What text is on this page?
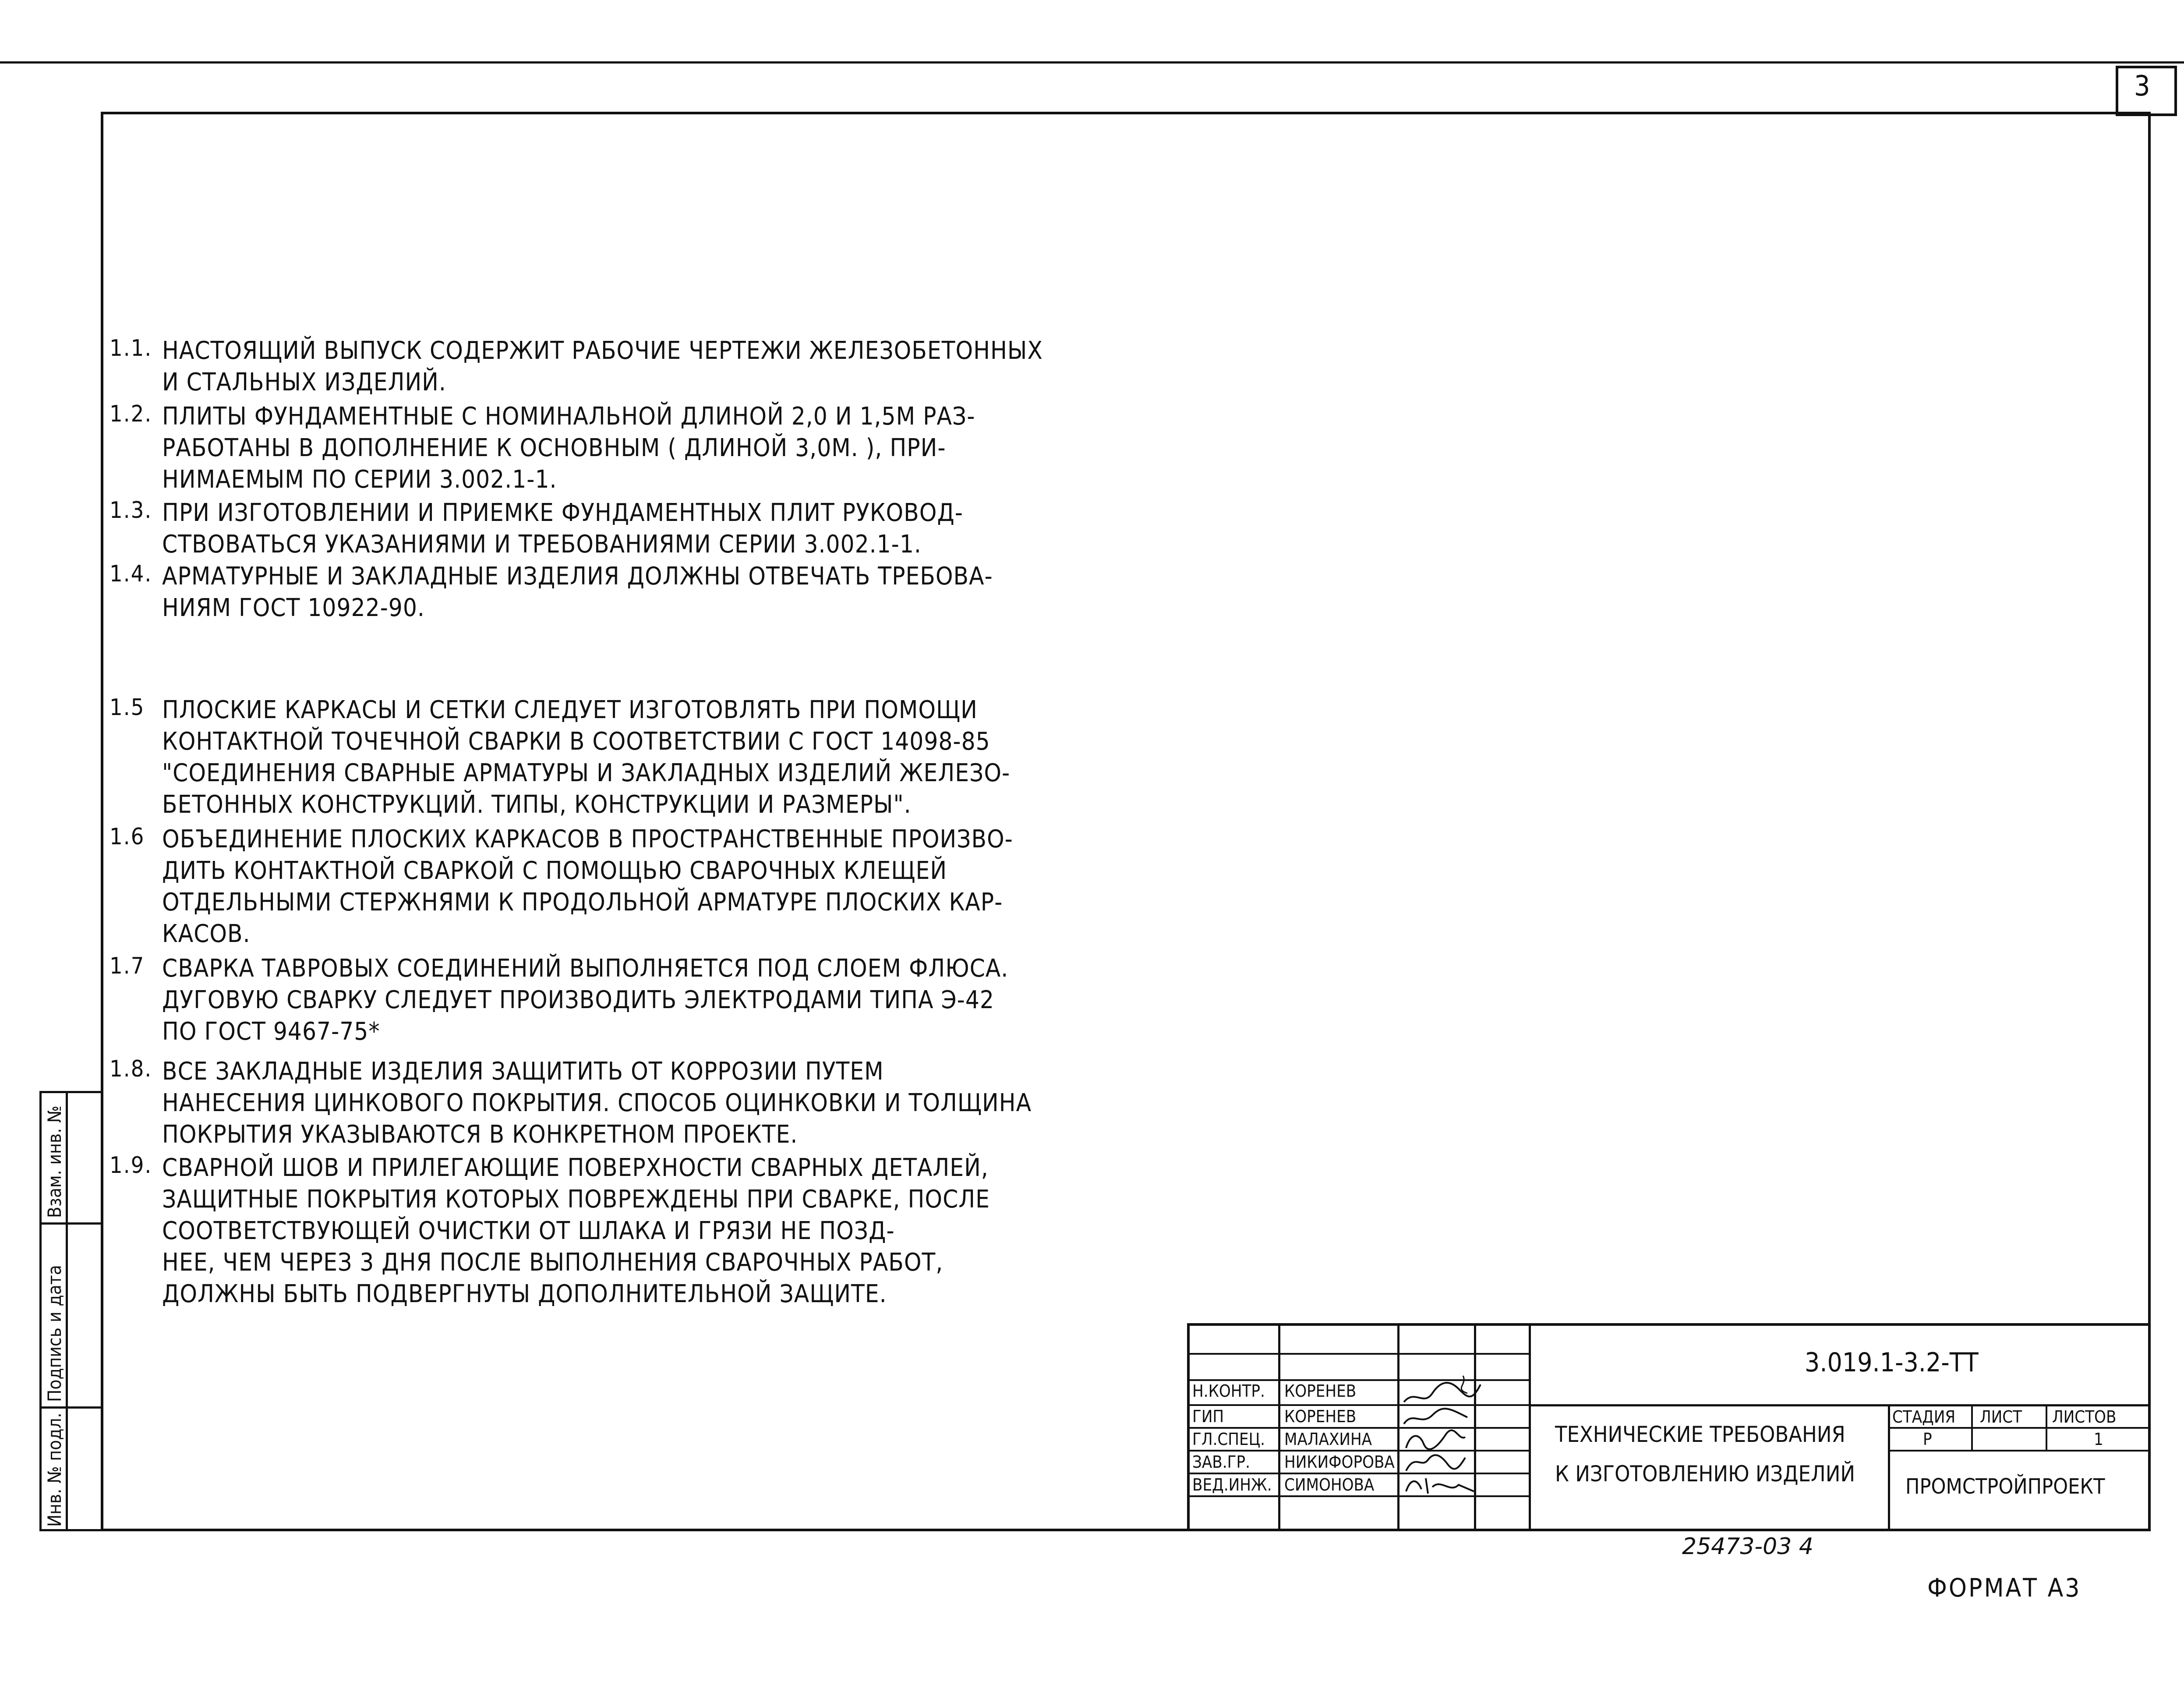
3
Взам. инв. №
Подпись и дата
Инв. № подл.
1.1. НАСТОЯЩИЙ ВЫПУСК СОДЕРЖИТ РАБОЧИЕ ЧЕРТЕЖИ ЖЕЛЕЗОБЕТОННЫХ
И СТАЛЬНЫХ ИЗДЕЛИЙ.
1.2. ПЛИТЫ ФУНДАМЕНТНЫЕ С НОМИНАЛЬНОЙ ДЛИНОЙ 2,0 И 1,5М РАЗ-
РАБОТАНЫ В ДОПОЛНЕНИЕ К ОСНОВНЫМ ( ДЛИНОЙ 3,0М. ), ПРИ-
НИМАЕМЫМ ПО СЕРИИ 3.002.1-1.
1.3. ПРИ ИЗГОТОВЛЕНИИ И ПРИЕМКЕ ФУНДАМЕНТНЫХ ПЛИТ РУКОВОД-
СТВОВАТЬСЯ УКАЗАНИЯМИ И ТРЕБОВАНИЯМИ СЕРИИ 3.002.1-1.
1.4. АРМАТУРНЫЕ И ЗАКЛАДНЫЕ ИЗДЕЛИЯ ДОЛЖНЫ ОТВЕЧАТЬ ТРЕБОВА-
НИЯМ ГОСТ 10922-90.
1.5 ПЛОСКИЕ КАРКАСЫ И СЕТКИ СЛЕДУЕТ ИЗГОТОВЛЯТЬ ПРИ ПОМОЩИ
КОНТАКТНОЙ ТОЧЕЧНОЙ СВАРКИ В СООТВЕТСТВИИ С ГОСТ 14098-85
"СОЕДИНЕНИЯ СВАРНЫЕ АРМАТУРЫ И ЗАКЛАДНЫХ ИЗДЕЛИЙ ЖЕЛЕЗО-
БЕТОННЫХ КОНСТРУКЦИЙ. ТИПЫ, КОНСТРУКЦИИ И РАЗМЕРЫ".
1.6 ОБЪЕДИНЕНИЕ ПЛОСКИХ КАРКАСОВ В ПРОСТРАНСТВЕННЫЕ ПРОИЗВО-
ДИТЬ КОНТАКТНОЙ СВАРКОЙ С ПОМОЩЬЮ СВАРОЧНЫХ КЛЕЩЕЙ
ОТДЕЛЬНЫМИ СТЕРЖНЯМИ К ПРОДОЛЬНОЙ АРМАТУРЕ ПЛОСКИХ КАР-
КАСОВ.
1.7 СВАРКА ТАВРОВЫХ СОЕДИНЕНИЙ ВЫПОЛНЯЕТСЯ ПОД СЛОЕМ ФЛЮСА.
ДУГОВУЮ СВАРКУ СЛЕДУЕТ ПРОИЗВОДИТЬ ЭЛЕКТРОДАМИ ТИПА Э-42
ПО ГОСТ 9467-75*
1.8. ВСЕ ЗАКЛАДНЫЕ ИЗДЕЛИЯ ЗАЩИТИТЬ ОТ КОРРОЗИИ ПУТЕМ
НАНЕСЕНИЯ ЦИНКОВОГО ПОКРЫТИЯ. СПОСОБ ОЦИНКОВКИ И ТОЛЩИНА
ПОКРЫТИЯ УКАЗЫВАЮТСЯ В КОНКРЕТНОМ ПРОЕКТЕ.
1.9. СВАРНОЙ ШОВ И ПРИЛЕГАЮЩИЕ ПОВЕРХНОСТИ СВАРНЫХ ДЕТАЛЕЙ,
ЗАЩИТНЫЕ ПОКРЫТИЯ КОТОРЫХ ПОВРЕЖДЕНЫ ПРИ СВАРКЕ, ПОСЛЕ
СООТВЕТСТВУЮЩЕЙ ОЧИСТКИ ОТ ШЛАКА И ГРЯЗИ НЕ ПОЗД-
НЕЕ, ЧЕМ ЧЕРЕЗ 3 ДНЯ ПОСЛЕ ВЫПОЛНЕНИЯ СВАРОЧНЫХ РАБОТ,
ДОЛЖНЫ БЫТЬ ПОДВЕРГНУТЫ ДОПОЛНИТЕЛЬНОЙ ЗАЩИТЕ.
3.019.1-3.2-ТТ
ТЕХНИЧЕСКИЕ ТРЕБОВАНИЯ
К ИЗГОТОВЛЕНИЮ ИЗДЕЛИЙ
СТАДИЯ ЛИСТ ЛИСТОВ
Р	1
ПРОМСТРОЙПРОЕКТ
Н.КОНТР. КОРЕНЕВ
ГИП	КОРЕНЕВ
ГЛ.СПЕЦ. МАЛАХИНА
ЗАВ.ГР. НИКИФОРОВА
ВЕД.ИНЖ. СИМОНОВА
25473-03 4
ФОРМАТ А3
